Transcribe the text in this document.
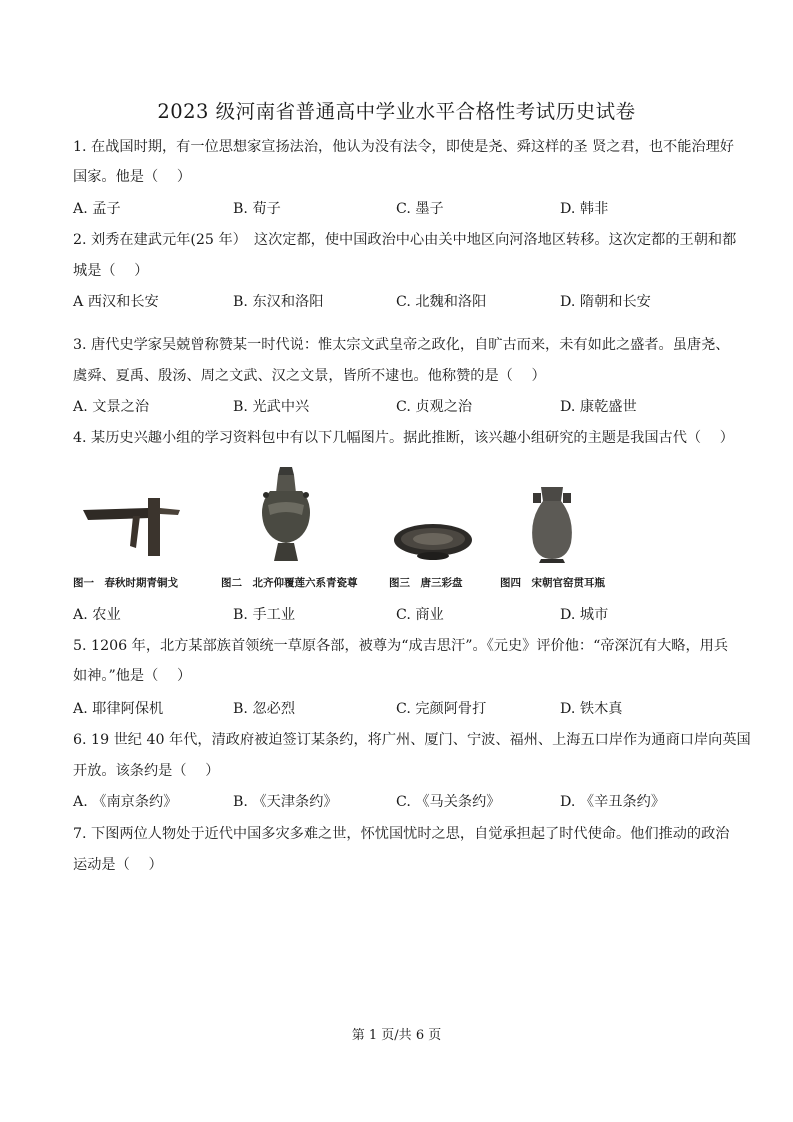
2023 级河南省普通高中学业水平合格性考试历史试卷
1. 在战国时期，有一位思想家宣扬法治，他认为没有法令，即使是尧、舜这样的圣 贤之君，也不能治理好
国家。他是（　 ）
A. 孟子	B. 荀子	C. 墨子	D. 韩非
2. 刘秀在建武元年(25 年）　这次定都，使中国政治中心由关中地区向河洛地区转移。这次定都的王朝和都
城是（　 ）
A 西汉和长安	B. 东汉和洛阳	C. 北魏和洛阳	D. 隋朝和长安
3. 唐代史学家吴兢曾称赞某一时代说：惟太宗文武皇帝之政化，自旷古而来，未有如此之盛者。虽唐尧、
虞舜、夏禹、殷汤、周之文武、汉之文景，皆所不逮也。他称赞的是（　 ）
A. 文景之治	B. 光武中兴	C. 贞观之治	D. 康乾盛世
4. 某历史兴趣小组的学习资料包中有以下几幅图片。据此推断，该兴趣小组研究的主题是我国古代（　 ）
图一　春秋时期青铜戈	图二　北齐仰覆莲六系青瓷尊	图三　唐三彩盘	图四　宋朝官窑贯耳瓶
A. 农业	B. 手工业	C. 商业	D. 城市
5. 1206 年，北方某部族首领统一草原各部，被尊为“成吉思汗”。《元史》评价他：“帝深沉有大略，用兵
如神。”他是（　 ）
A. 耶律阿保机	B. 忽必烈	C. 完颜阿骨打	D. 铁木真
6. 19 世纪 40 年代，清政府被迫签订某条约，将广州、厦门、宁波、福州、上海五口岸作为通商口岸向英国
开放。该条约是（　 ）
A. 《南京条约》	B. 《天津条约》	C. 《马关条约》	D. 《辛丑条约》
7. 下图两位人物处于近代中国多灾多难之世，怀忧国忧时之思，自觉承担起了时代使命。他们推动的政治
运动是（　 ）
第 1 页/共 6 页
